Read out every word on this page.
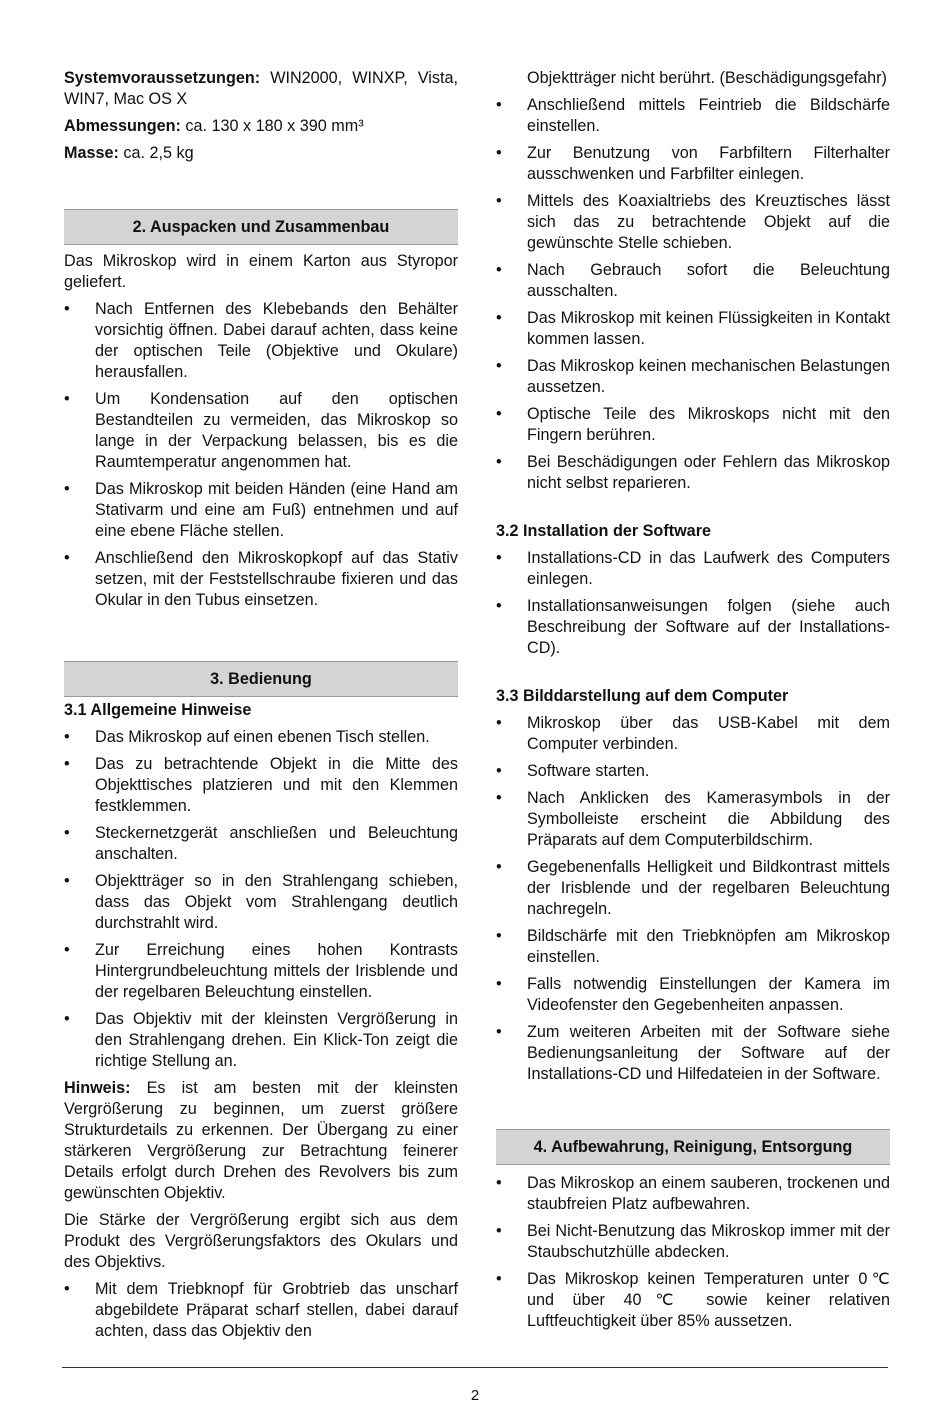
Systemvoraussetzungen: WIN2000, WINXP, Vista, WIN7, Mac OS X

Abmessungen: ca. 130 x 180 x 390 mm³

Masse: ca. 2,5 kg

2. Auspacken und Zusammenbau

Das Mikroskop wird in einem Karton aus Styropor geliefert.

• Nach Entfernen des Klebebands den Behälter vorsichtig öffnen. Dabei darauf achten, dass keine der optischen Teile (Objektive und Okulare) herausfallen.
• Um Kondensation auf den optischen Bestandteilen zu vermeiden, das Mikroskop so lange in der Verpackung belassen, bis es die Raumtemperatur angenommen hat.
• Das Mikroskop mit beiden Händen (eine Hand am Stativarm und eine am Fuß) entnehmen und auf eine ebene Fläche stellen.
• Anschließend den Mikroskopkopf auf das Stativ setzen, mit der Feststellschraube fixieren und das Okular in den Tubus einsetzen.
3. Bedienung
3.1 Allgemeine Hinweise
• Das Mikroskop auf einen ebenen Tisch stellen.
• Das zu betrachtende Objekt in die Mitte des Objekttisches platzieren und mit den Klemmen festklemmen.
• Steckernetzgerät anschließen und Beleuchtung anschalten.
• Objektträger so in den Strahlengang schieben, dass das Objekt vom Strahlengang deutlich durchstrahlt wird.
• Zur Erreichung eines hohen Kontrasts Hintergrundbeleuchtung mittels der Irisblende und der regelbaren Beleuchtung einstellen.
• Das Objektiv mit der kleinsten Vergrößerung in den Strahlengang drehen. Ein Klick-Ton zeigt die richtige Stellung an.

Hinweis: Es ist am besten mit der kleinsten Vergrößerung zu beginnen, um zuerst größere Strukturdetails zu erkennen. Der Übergang zu einer stärkeren Vergrößerung zur Betrachtung feinerer Details erfolgt durch Drehen des Revolvers bis zum gewünschten Objektiv.

Die Stärke der Vergrößerung ergibt sich aus dem Produkt des Vergrößerungsfaktors des Okulars und des Objektivs.

• Mit dem Triebknopf für Grobtrieb das unscharf abgebildete Präparat scharf stellen, dabei darauf achten, dass das Objektiv den

Objektträger nicht berührt. (Beschädigungsgefahr)

• Anschließend mittels Feintrieb die Bildschärfe einstellen.
• Zur Benutzung von Farbfiltern Filterhalter ausschwenken und Farbfilter einlegen.
• Mittels des Koaxialtriebs des Kreuztisches lässt sich das zu betrachtende Objekt auf die gewünschte Stelle schieben.
• Nach Gebrauch sofort die Beleuchtung ausschalten.
• Das Mikroskop mit keinen Flüssigkeiten in Kontakt kommen lassen.
• Das Mikroskop keinen mechanischen Belastungen aussetzen.
• Optische Teile des Mikroskops nicht mit den Fingern berühren.
• Bei Beschädigungen oder Fehlern das Mikroskop nicht selbst reparieren.
3.2 Installation der Software
• Installations-CD in das Laufwerk des Computers einlegen.
• Installationsanweisungen folgen (siehe auch Beschreibung der Software auf der Installations-CD).
3.3 Bilddarstellung auf dem Computer
• Mikroskop über das USB-Kabel mit dem Computer verbinden.
• Software starten.
• Nach Anklicken des Kamerasymbols in der Symbolleiste erscheint die Abbildung des Präparats auf dem Computerbildschirm.
• Gegebenenfalls Helligkeit und Bildkontrast mittels der Irisblende und der regelbaren Beleuchtung nachregeln.
• Bildschärfe mit den Triebknöpfen am Mikroskop einstellen.
• Falls notwendig Einstellungen der Kamera im Videofenster den Gegebenheiten anpassen.
• Zum weiteren Arbeiten mit der Software siehe Bedienungsanleitung der Software auf der Installations-CD und Hilfedateien in der Software.
4. Aufbewahrung, Reinigung, Entsorgung
• Das Mikroskop an einem sauberen, trockenen und staubfreien Platz aufbewahren.
• Bei Nicht-Benutzung das Mikroskop immer mit der Staubschutzhülle abdecken.
• Das Mikroskop keinen Temperaturen unter 0℃ und über 40℃ sowie keiner relativen Luftfeuchtigkeit über 85% aussetzen.
2
